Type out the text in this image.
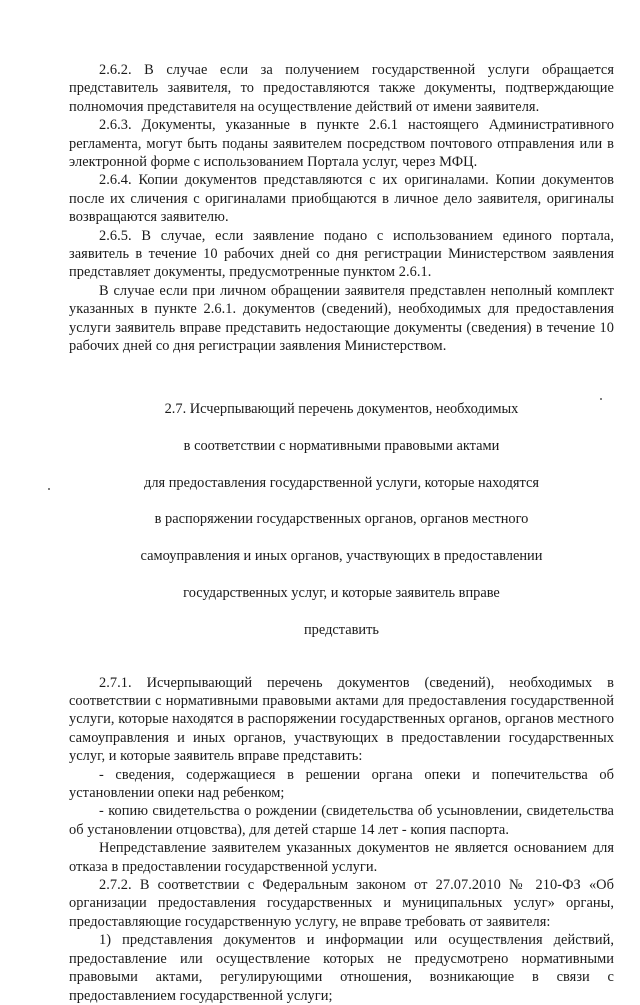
2.6.2. В случае если за получением государственной услуги обращается представитель заявителя, то предоставляются также документы, подтверждающие полномочия представителя на осуществление действий от имени заявителя.

2.6.3. Документы, указанные в пункте 2.6.1 настоящего Административного регламента, могут быть поданы заявителем посредством почтового отправления или в электронной форме с использованием Портала услуг, через МФЦ.

2.6.4. Копии документов представляются с их оригиналами. Копии документов после их сличения с оригиналами приобщаются в личное дело заявителя, оригиналы возвращаются заявителю.

2.6.5. В случае, если заявление подано с использованием единого портала, заявитель в течение 10 рабочих дней со дня регистрации Министерством заявления представляет документы, предусмотренные пунктом 2.6.1.

В случае если при личном обращении заявителя представлен неполный комплект указанных в пункте 2.6.1. документов (сведений), необходимых для предоставления услуги заявитель вправе представить недостающие документы (сведения) в течение 10 рабочих дней со дня регистрации заявления Министерством.

2.7. Исчерпывающий перечень документов, необходимых

в соответствии с нормативными правовыми актами

для предоставления государственной услуги, которые находятся

в распоряжении государственных органов, органов местного

самоуправления и иных органов, участвующих в предоставлении

государственных услуг, и которые заявитель вправе

представить

2.7.1. Исчерпывающий перечень документов (сведений), необходимых в соответствии с нормативными правовыми актами для предоставления государственной услуги, которые находятся в распоряжении государственных органов, органов местного самоуправления и иных органов, участвующих в предоставлении государственных услуг, и которые заявитель вправе представить:

- сведения, содержащиеся в решении органа опеки и попечительства об установлении опеки над ребенком;

- копию свидетельства о рождении (свидетельства об усыновлении, свидетельства об установлении отцовства), для детей старше 14 лет - копия паспорта.

Непредставление заявителем указанных документов не является основанием для отказа в предоставлении государственной услуги.

2.7.2. В соответствии с Федеральным законом от 27.07.2010 № 210-ФЗ «Об организации предоставления государственных и муниципальных услуг» органы, предоставляющие государственную услугу, не вправе требовать от заявителя:

1) представления документов и информации или осуществления действий, предоставление или осуществление которых не предусмотрено нормативными правовыми актами, регулирующими отношения, возникающие в связи с предоставлением государственной услуги;
